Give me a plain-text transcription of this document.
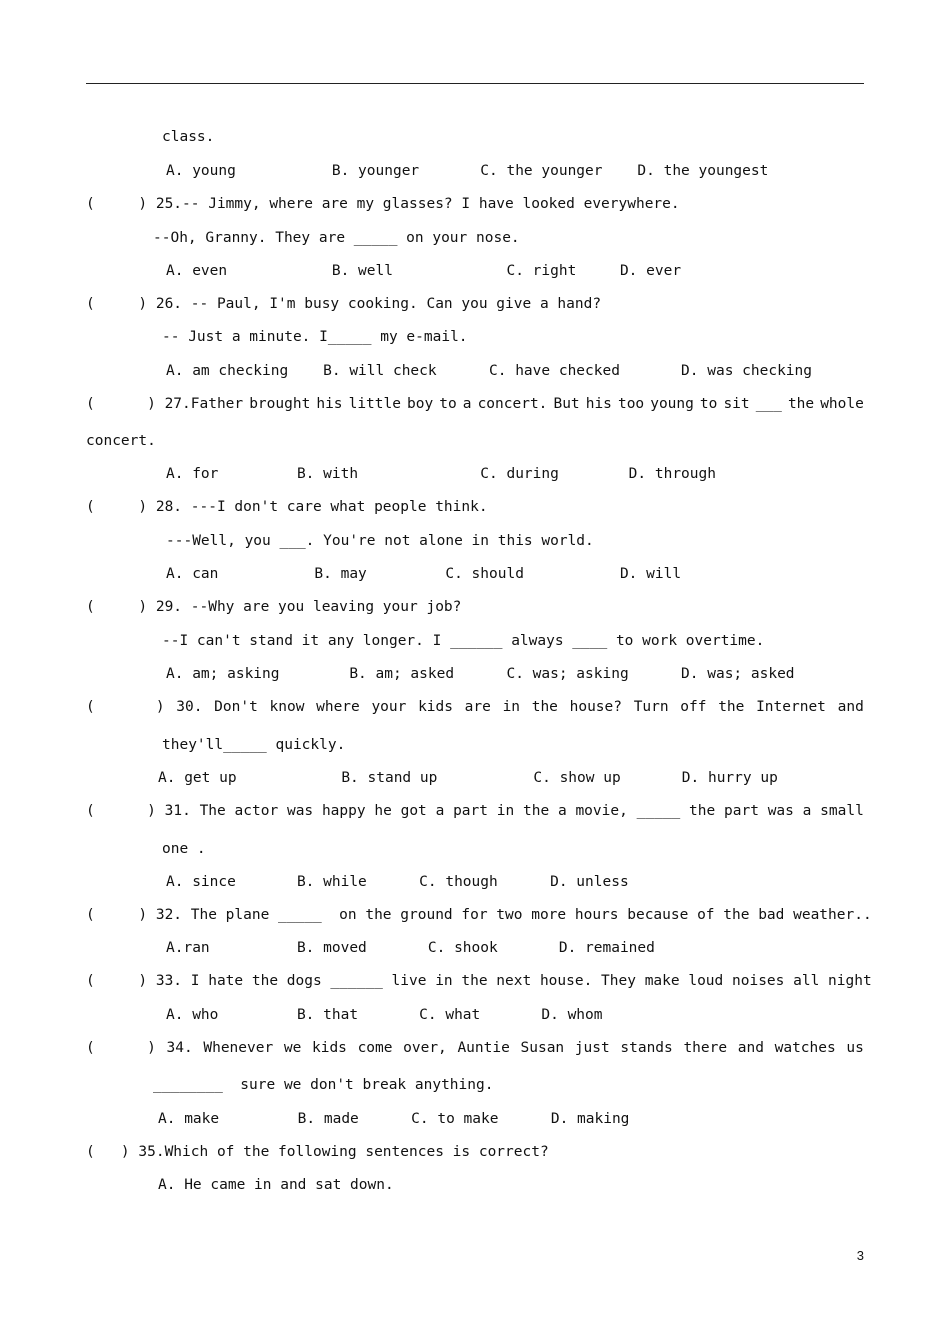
class.
A. young           B. younger       C. the younger    D. the youngest
(     ) 25.-- Jimmy, where are my glasses? I have looked everywhere.
--Oh, Granny. They are _____ on your nose.
A. even            B. well             C. right     D. ever
(     ) 26. -- Paul, I'm busy cooking. Can you give a hand?
-- Just a minute. I_____ my e-mail.
A. am checking    B. will check      C. have checked       D. was checking
(      ) 27.Father brought his little boy to a concert. But his too young to sit ___ the whole
concert.
A. for         B. with              C. during        D. through
(     ) 28. ---I don't care what people think.
---Well, you ___. You're not alone in this world.
A. can           B. may         C. should           D. will
(     ) 29. --Why are you leaving your job?
--I can't stand it any longer. I ______ always ____ to work overtime.
A. am; asking        B. am; asked      C. was; asking      D. was; asked
(       ) 30. Don't know where your kids are in the house? Turn off the Internet and
they'll_____ quickly.
A. get up            B. stand up           C. show up       D. hurry up
(      ) 31. The actor was happy he got a part in the a movie, _____ the part was a small
one .
A. since       B. while      C. though      D. unless
(     ) 32. The plane _____  on the ground for two more hours because of the bad weather..
A.ran          B. moved       C. shook       D. remained
(     ) 33. I hate the dogs ______ live in the next house. They make loud noises all night
A. who         B. that       C. what       D. whom
(      ) 34. Whenever we kids come over, Auntie Susan just stands there and watches us
________  sure we don't break anything.
A. make         B. made      C. to make      D. making
(   ) 35.Which of the following sentences is correct?
A. He came in and sat down.
3
